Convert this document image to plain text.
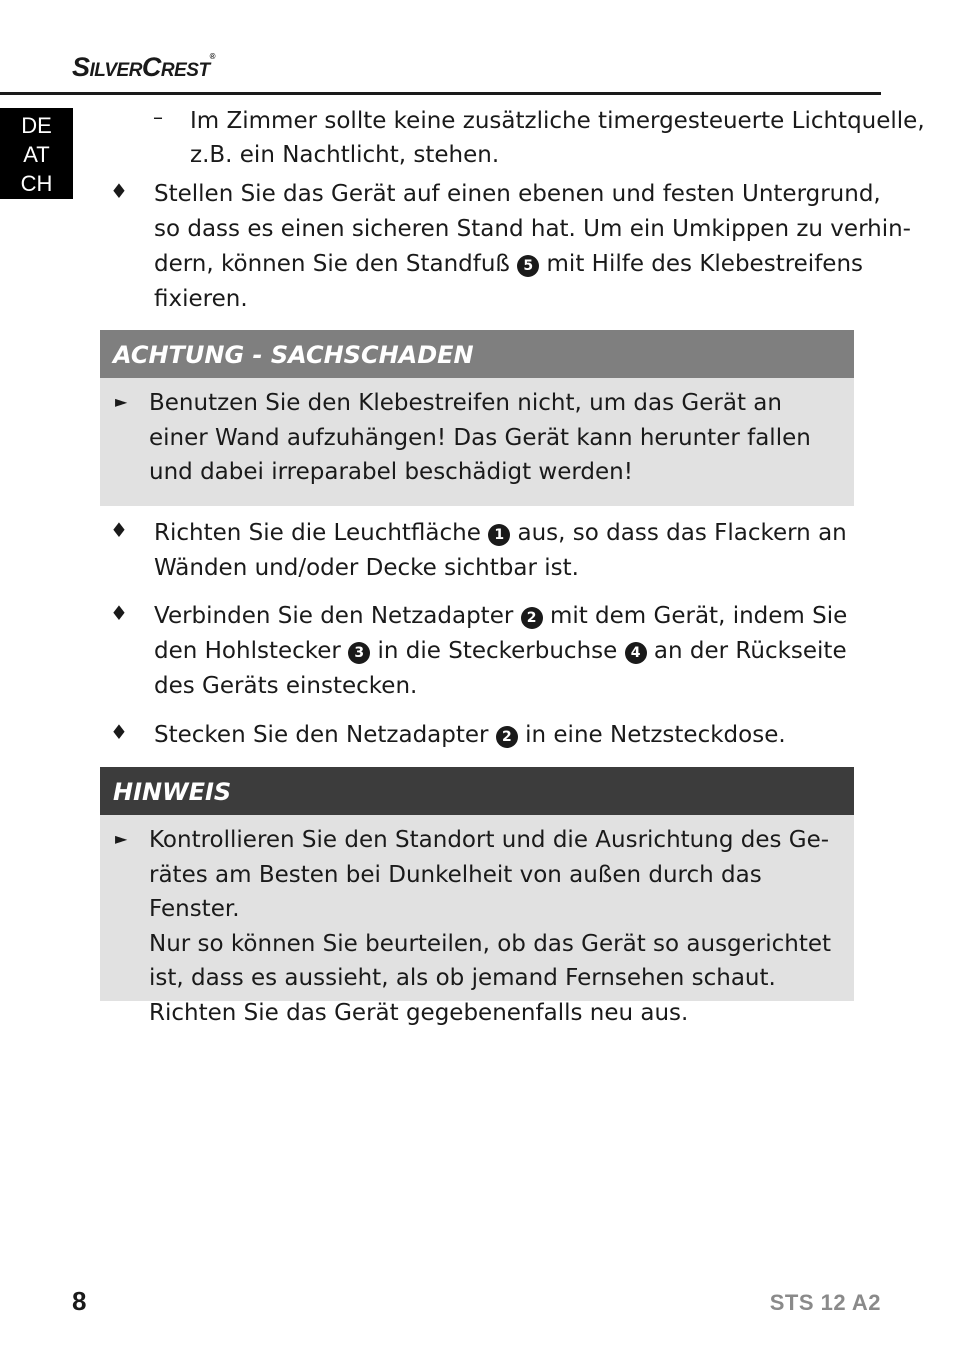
SilverCrest®
DE
AT
CH
– Im Zimmer sollte keine zusätzliche timergesteuerte Lichtquelle,
z.B. ein Nachtlicht, stehen.
♦ Stellen Sie das Gerät auf einen ebenen und festen Untergrund,
so dass es einen sicheren Stand hat. Um ein Umkippen zu verhin-
dern, können Sie den Standfuß 5 mit Hilfe des Klebestreifens
fixieren.
ACHTUNG - SACHSCHADEN
► Benutzen Sie den Klebestreifen nicht, um das Gerät an
einer Wand aufzuhängen! Das Gerät kann herunter fallen
und dabei irreparabel beschädigt werden!
♦ Richten Sie die Leuchtfläche 1 aus, so dass das Flackern an
Wänden und/oder Decke sichtbar ist.
♦ Verbinden Sie den Netzadapter 2 mit dem Gerät, indem Sie
den Hohlstecker 3 in die Steckerbuchse 4 an der Rückseite
des Geräts einstecken.
♦ Stecken Sie den Netzadapter 2 in eine Netzsteckdose.
HINWEIS
► Kontrollieren Sie den Standort und die Ausrichtung des Ge-
rätes am Besten bei Dunkelheit von außen durch das Fenster.
Nur so können Sie beurteilen, ob das Gerät so ausgerichtet
ist, dass es aussieht, als ob jemand Fernsehen schaut.
Richten Sie das Gerät gegebenenfalls neu aus.
8	STS 12 A2
